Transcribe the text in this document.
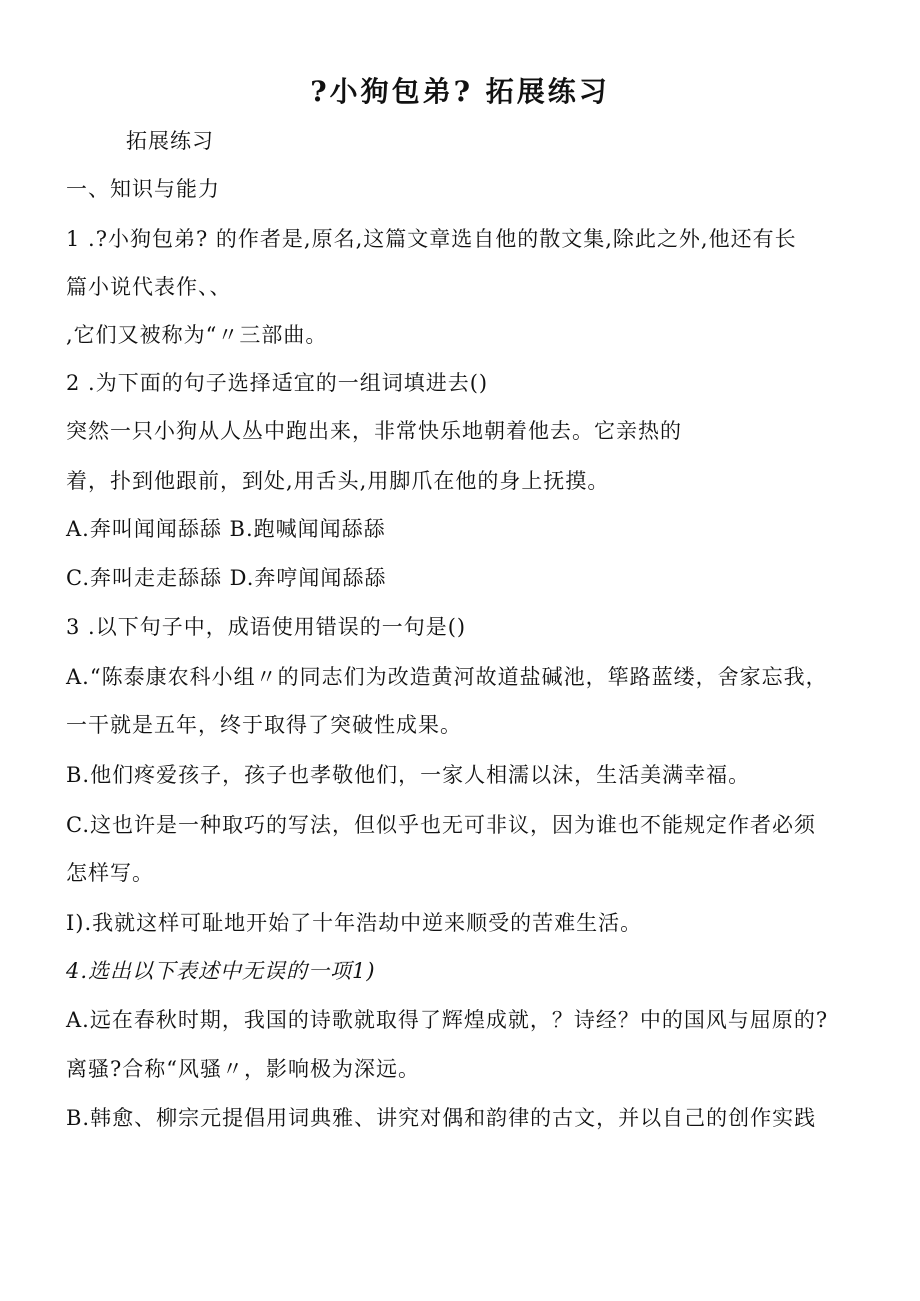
?小狗包弟? 拓展练习
拓展练习
一、知识与能力
1 .?小狗包弟? 的作者是,原名,这篇文章选自他的散文集,除此之外,他还有长
篇小说代表作、、
,它们又被称为“〃三部曲。
2 .为下面的句子选择适宜的一组词填进去()
突然一只小狗从人丛中跑出来，非常快乐地朝着他去。它亲热的
着，扑到他跟前，到处,用舌头,用脚爪在他的身上抚摸。
A.奔叫闻闻舔舔 B.跑喊闻闻舔舔
C.奔叫走走舔舔 D.奔哼闻闻舔舔
3 .以下句子中，成语使用错误的一句是()
A.“陈泰康农科小组〃的同志们为改造黄河故道盐碱池，筚路蓝缕，舍家忘我，
一干就是五年，终于取得了突破性成果。
B.他们疼爱孩子，孩子也孝敬他们，一家人相濡以沫，生活美满幸福。
C.这也许是一种取巧的写法，但似乎也无可非议，因为谁也不能规定作者必须
怎样写。
I).我就这样可耻地开始了十年浩劫中逆来顺受的苦难生活。
4.选出以下表述中无误的一项1)
A.远在春秋时期，我国的诗歌就取得了辉煌成就，？诗经？中的国风与屈原的?
离骚?合称“风骚〃，影响极为深远。
B.韩愈、柳宗元提倡用词典雅、讲究对偶和韵律的古文，并以自己的创作实践
